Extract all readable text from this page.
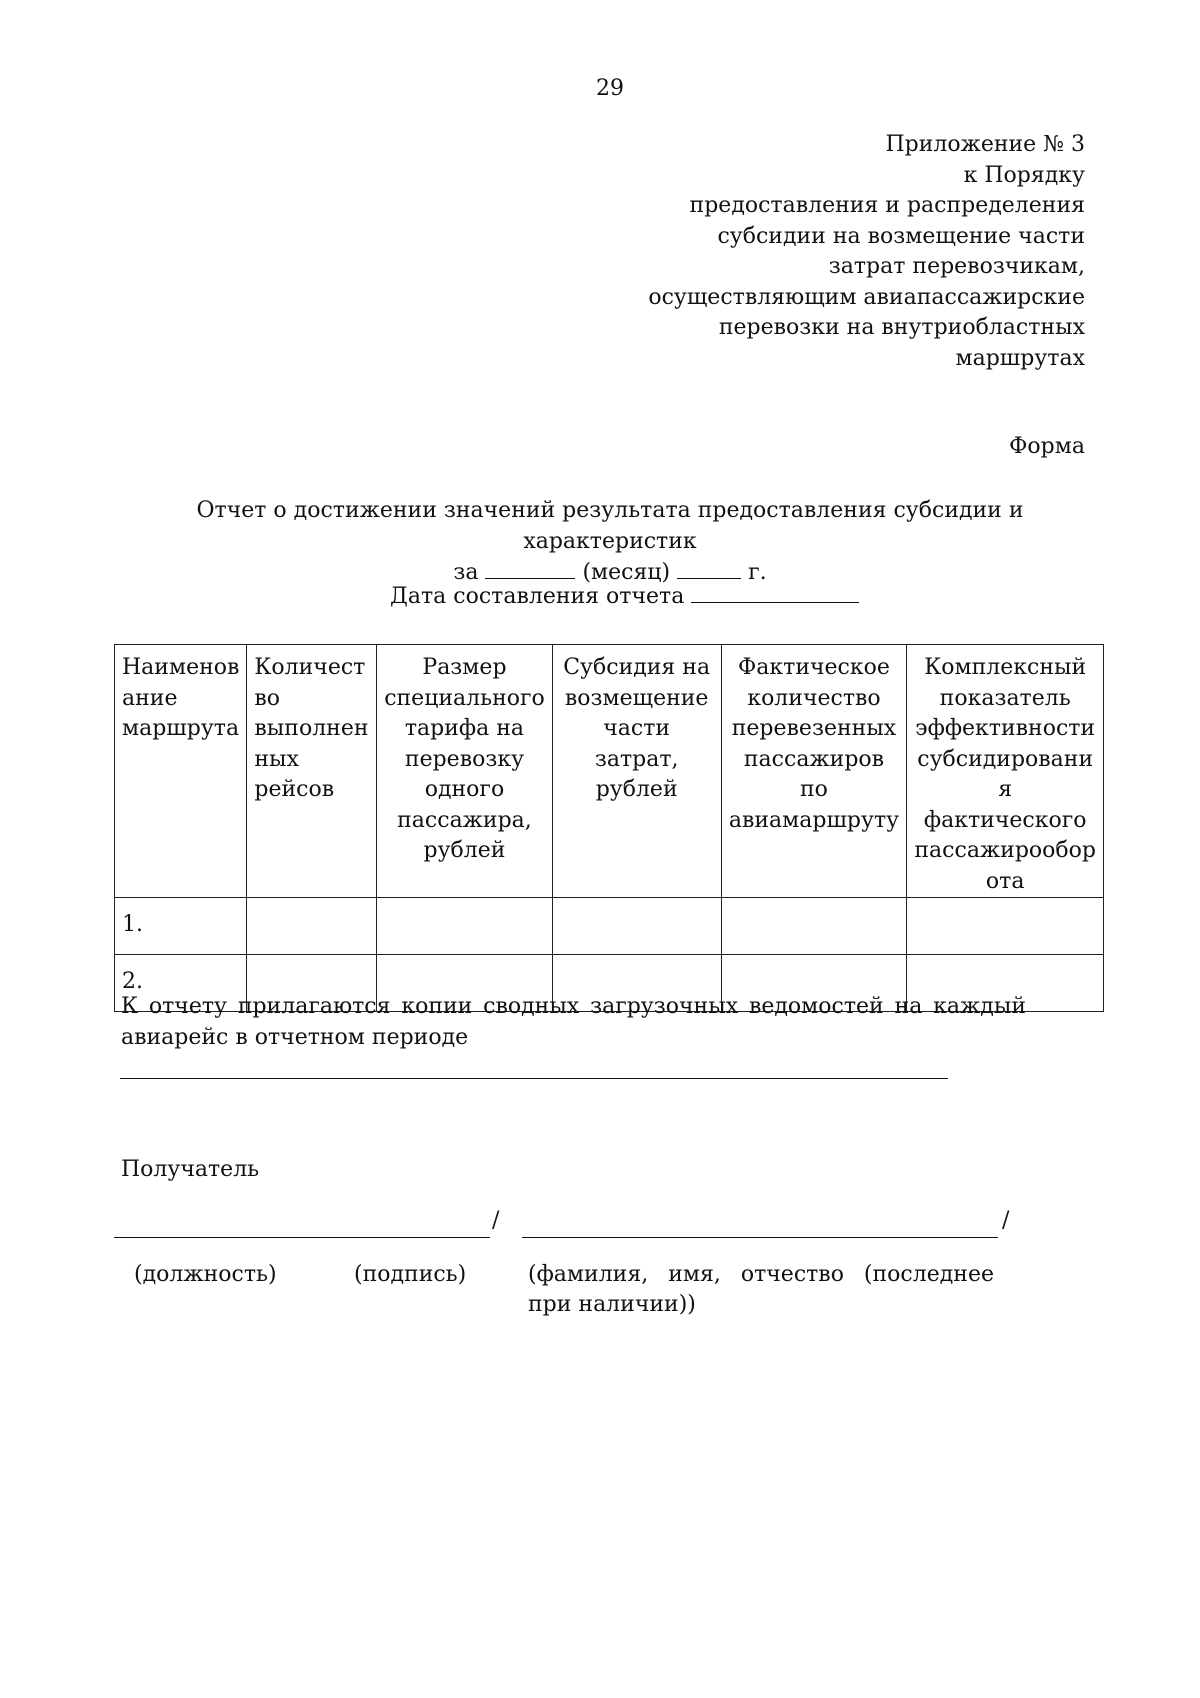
29
Приложение № 3
к Порядку
предоставления и распределения
субсидии на возмещение части
затрат перевозчикам,
осуществляющим авиапассажирские
перевозки на внутриобластных
маршрутах
Форма
Отчет о достижении значений результата предоставления субсидии и характеристик
за	(месяц)	г.
Дата составления отчета
Наименов ание маршрута	Количест во выполнен ных рейсов	Размер специального тарифа на перевозку одного пассажира, рублей	Субсидия на возмещение части затрат, рублей	Фактическое количество перевезенных пассажиров по авиамаршруту	Комплексный показатель эффективности субсидировани я фактического пассажирообор ота
1.					
2.					
К отчету прилагаются копии сводных загрузочных ведомостей на каждый авиарейс в отчетном периоде
Получатель
/	/
(должность)	(подпись)	(фамилия, имя, отчество (последнее при наличии))
